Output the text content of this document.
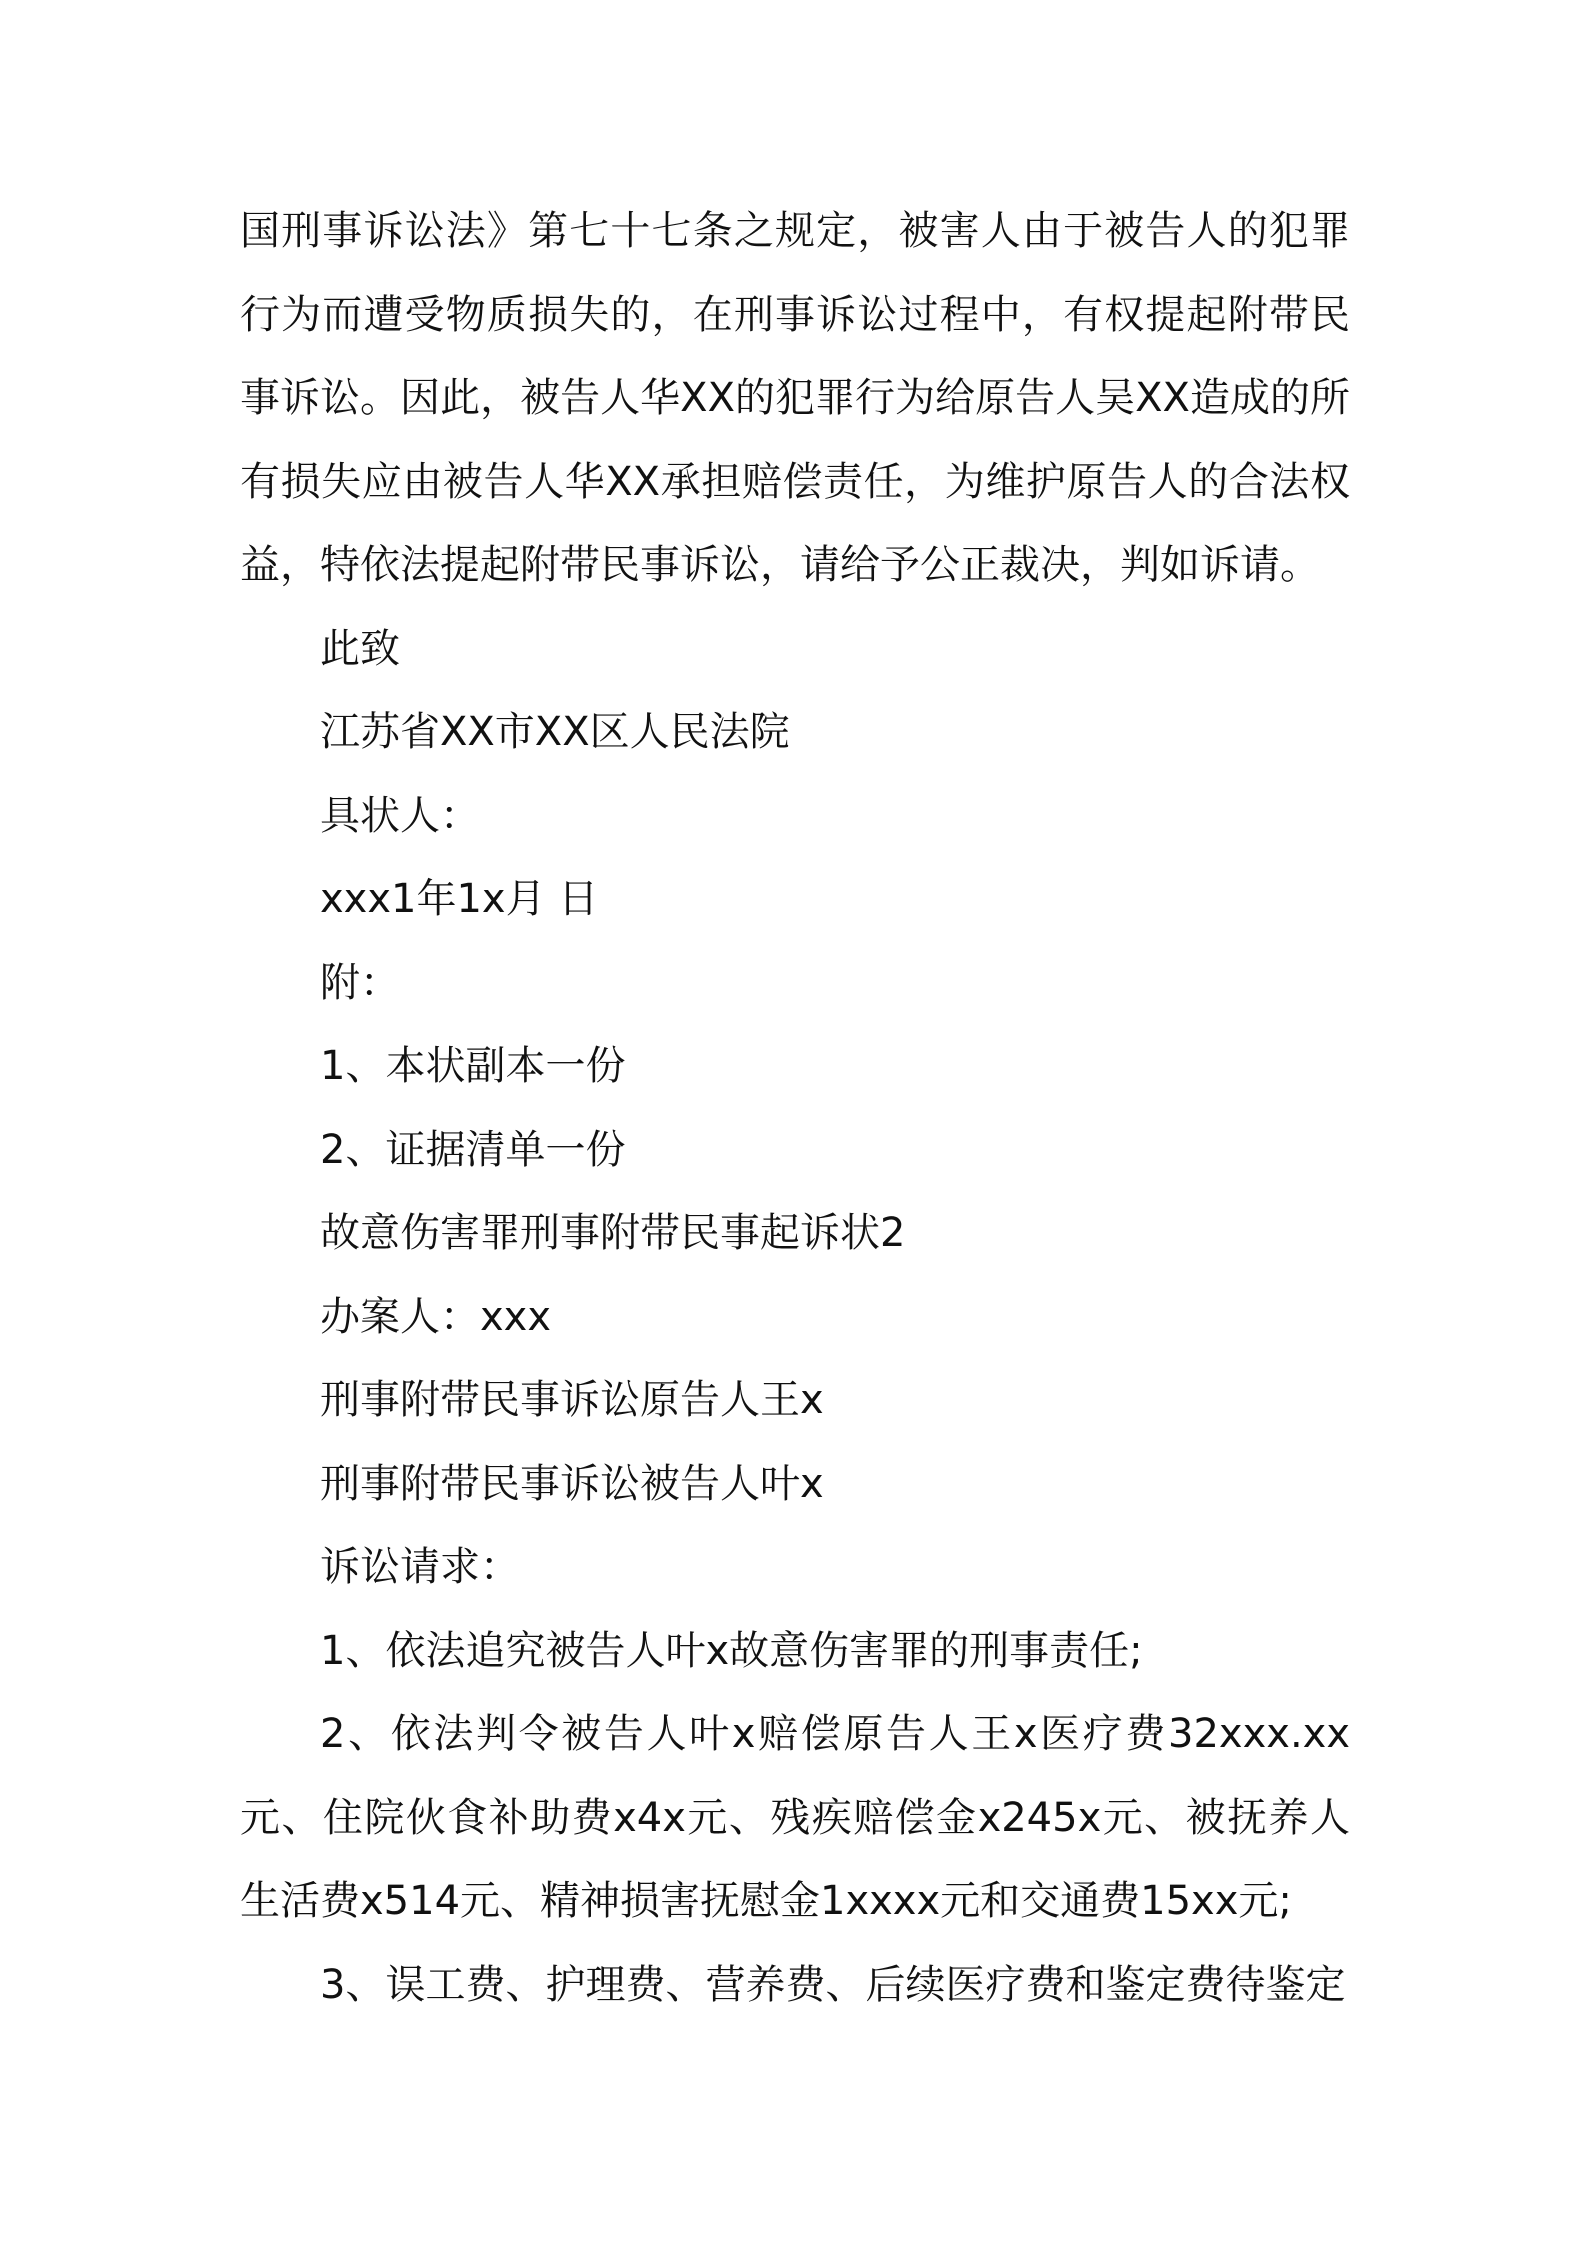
国刑事诉讼法》第七十七条之规定，被害人由于被告人的犯罪行为而遭受物质损失的，在刑事诉讼过程中，有权提起附带民事诉讼。因此，被告人华XX的犯罪行为给原告人吴XX造成的所有损失应由被告人华XX承担赔偿责任，为维护原告人的合法权益，特依法提起附带民事诉讼，请给予公正裁决，判如诉请。

此致

江苏省XX市XX区人民法院

具状人：

xxx1年1x月 日

附：

1、本状副本一份

2、证据清单一份

故意伤害罪刑事附带民事起诉状2

办案人：xxx

刑事附带民事诉讼原告人王x

刑事附带民事诉讼被告人叶x

诉讼请求：

1、依法追究被告人叶x故意伤害罪的刑事责任;

2、依法判令被告人叶x赔偿原告人王x医疗费32xxx.xx元、住院伙食补助费x4x元、残疾赔偿金x245x元、被抚养人生活费x514元、精神损害抚慰金1xxxx元和交通费15xx元;

3、误工费、护理费、营养费、后续医疗费和鉴定费待鉴定
